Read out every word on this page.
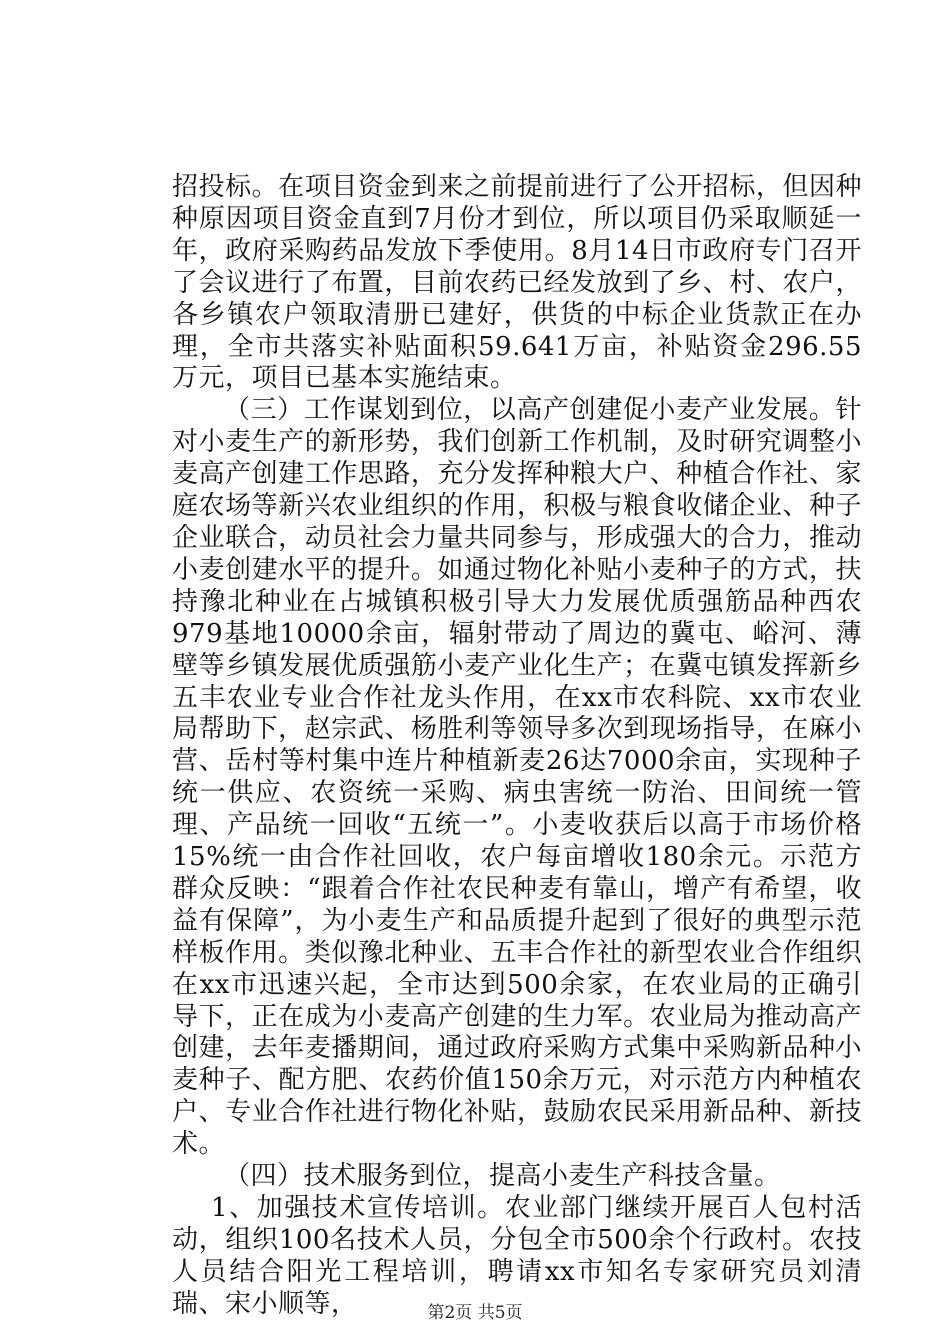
招投标。在项目资金到来之前提前进行了公开招标，但因种种原因项目资金直到7月份才到位，所以项目仍采取顺延一年，政府采购药品发放下季使用。8月14日市政府专门召开了会议进行了布置，目前农药已经发放到了乡、村、农户，各乡镇农户领取清册已建好，供货的中标企业货款正在办理，全市共落实补贴面积59.641万亩，补贴资金296.55万元，项目已基本实施结束。

（三）工作谋划到位，以高产创建促小麦产业发展。针对小麦生产的新形势，我们创新工作机制，及时研究调整小麦高产创建工作思路，充分发挥种粮大户、种植合作社、家庭农场等新兴农业组织的作用，积极与粮食收储企业、种子企业联合，动员社会力量共同参与，形成强大的合力，推动小麦创建水平的提升。如通过物化补贴小麦种子的方式，扶持豫北种业在占城镇积极引导大力发展优质强筋品种西农979基地10000余亩，辐射带动了周边的冀屯、峪河、薄壁等乡镇发展优质强筋小麦产业化生产；在冀屯镇发挥新乡五丰农业专业合作社龙头作用，在xx市农科院、xx市农业局帮助下，赵宗武、杨胜利等领导多次到现场指导，在麻小营、岳村等村集中连片种植新麦26达7000余亩，实现种子统一供应、农资统一采购、病虫害统一防治、田间统一管理、产品统一回收“五统一”。小麦收获后以高于市场价格15%统一由合作社回收，农户每亩增收180余元。示范方群众反映：“跟着合作社农民种麦有靠山，增产有希望，收益有保障”，为小麦生产和品质提升起到了很好的典型示范样板作用。类似豫北种业、五丰合作社的新型农业合作组织在xx市迅速兴起，全市达到500余家，在农业局的正确引导下，正在成为小麦高产创建的生力军。农业局为推动高产创建，去年麦播期间，通过政府采购方式集中采购新品种小麦种子、配方肥、农药价值150余万元，对示范方内种植农户、专业合作社进行物化补贴，鼓励农民采用新品种、新技术。

（四）技术服务到位，提高小麦生产科技含量。

1、加强技术宣传培训。农业部门继续开展百人包村活动，组织100名技术人员，分包全市500余个行政村。农技人员结合阳光工程培训，聘请xx市知名专家研究员刘清瑞、宋小顺等，	第2页 共5页
